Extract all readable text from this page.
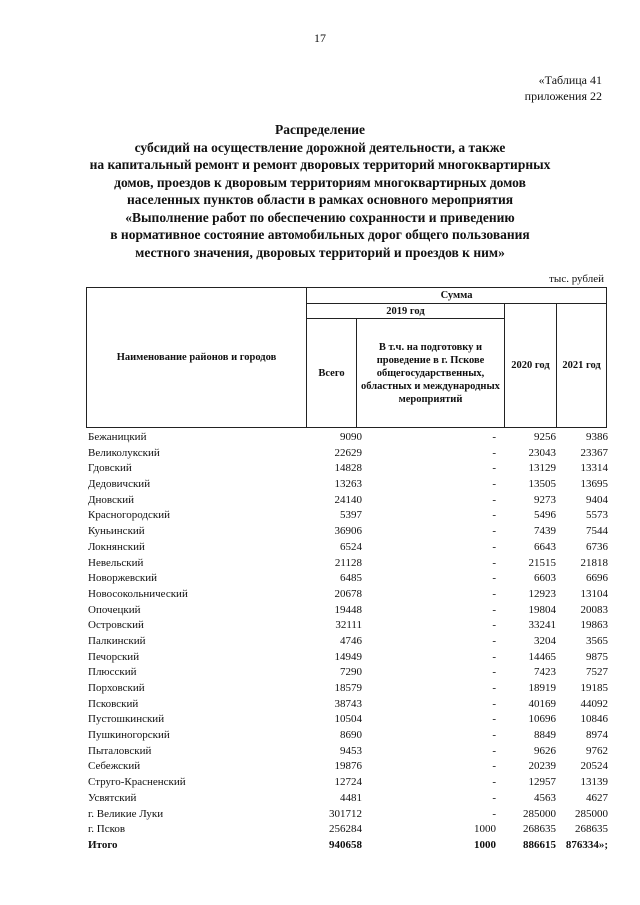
17
«Таблица 41
приложения 22
Распределение
субсидий на осуществление дорожной деятельности, а также
на капитальный ремонт и ремонт дворовых территорий многоквартирных
домов, проездов к дворовым территориям многоквартирных домов
населенных пунктов области в рамках основного мероприятия
«Выполнение работ по обеспечению сохранности и приведению
в нормативное состояние автомобильных дорог общего пользования
местного значения, дворовых территорий и проездов к ним»
тыс. рублей
Наименование районов и городов	Сумма			
	2019 год		2020 год	2021 год
	Всего	В т.ч. на подготовку и проведение в г. Пскове общегосударственных, областных и международных мероприятий		
Бежаницкий	9090	-	9256	9386
Великолукский	22629	-	23043 23367
Гдовский	14828	-	13129 13314
Дедовичский	13263	-	13505 13695
Дновский	24140	-	9273	9404
Красногородский	5397	-	5496	5573
Куньинский	36906	-	7439	7544
Локнянский	6524	-	6643	6736
Невельский	21128	-	21515 21818
Новоржевский	6485	-	6603	6696
Новосокольнический	20678	-	12923 13104
Опочецкий	19448	-	19804 20083
Островский	32111	-	33241 19863
Палкинский	4746	-	3204	3565
Печорский	14949	-	14465	9875
Плюсский	7290	-	7423	7527
Порховский	18579	-	18919 19185
Псковский	38743	-	40169 44092
Пустошкинский	10504	-	10696 10846
Пушкиногорский	8690	-	8849	8974
Пыталовский	9453	-	9626	9762
Себежский	19876	-	20239 20524
Струго-Красненский	12724	-	12957 13139
Усвятский	4481	-	4563	4627
г. Великие Луки	301712	- 285000 285000
г. Псков	256284	1000 268635 268635
Итого	940658	1000 886615 876334»;
